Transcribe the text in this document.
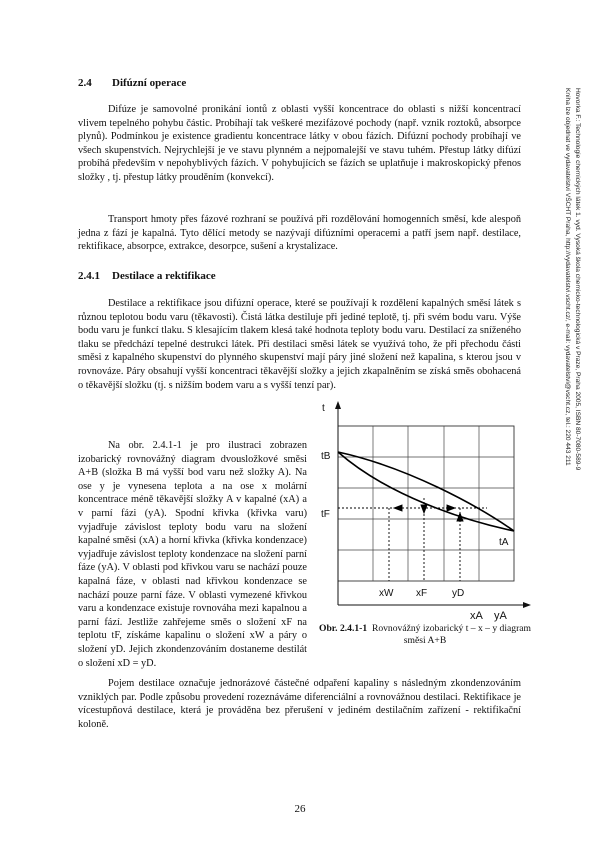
Hovorka F.: Technologie chemických látek 1. vyd. Vysoká škola chemicko-technologická v Praze, Praha 2005, ISBN 80-7080-589-9
Kniha lze objednat ve vydavatelství VŠCHT Praha, http://vydavatelstvi.vscht.cz/, e-mail: vydavatelstvi@vscht.cz, tel.: 220 443 211
2.4 Difúzní operace

Difúze je samovolné pronikání iontů z oblasti vyšší koncentrace do oblasti s nižší koncentrací vlivem tepelného pohybu částic. Probíhají tak veškeré mezifázové pochody (např. vznik roztoků, absorpce plynů). Podmínkou je existence gradientu koncentrace látky v obou fázích. Difúzní pochody probíhají ve všech skupenstvích. Nejrychlejší je ve stavu plynném a nejpomalejší ve stavu tuhém. Přestup látky difúzí probíhá především v nepohyblivých fázích. V pohybujících se fázích se uplatňuje i makroskopický přenos složky , tj. přestup látky prouděním (konvekcí).

Transport hmoty přes fázové rozhraní se používá při rozdělování homogenních směsí, kde alespoň jedna z fází je kapalná. Tyto dělící metody se nazývají difúzními operacemi a patří jsem např. destilace, rektifikace, absorpce, extrakce, desorpce, sušení a krystalizace.

2.4.1 Destilace a rektifikace

Destilace a rektifikace jsou difúzní operace, které se používají k rozdělení kapalných směsí látek s různou teplotou bodu varu (těkavosti). Čistá látka destiluje při jediné teplotě, tj. při svém bodu varu. Výše bodu varu je funkcí tlaku. S klesajícím tlakem klesá také hodnota teploty bodu varu. Destilací za sníženého tlaku se předchází tepelné destrukci látek. Při destilaci směsi látek se využívá toho, že při přechodu části směsi z kapalného skupenství do plynného skupenství mají páry jiné složení než kapalina, s kterou jsou v rovnováze. Páry obsahují vyšší koncentraci těkavější složky a jejich zkapalněním se získá směs obohacená o těkavější složku (tj. s nižším bodem varu a s vyšší tenzí par).

Na obr. 2.4.1-1 je pro ilustraci zobrazen izobarický rovnovážný diagram dvousložkové směsi A+B (složka B má vyšší bod varu než složky A). Na ose y je vynesena teplota a na ose x molární koncentrace méně těkavější složky A v kapalné (xA) a v parní fázi (yA). Spodní křivka (křivka varu) vyjadřuje závislost teploty bodu varu na složení kapalné směsi (xA) a horní křivka (křivka kondenzace) vyjadřuje závislost teploty kondenzace na složení parní fáze (yA). V oblasti pod křivkou varu se nachází pouze kapalná fáze, v oblasti nad křivkou kondenzace se nachází pouze parní fáze. V oblasti vymezené křivkou varu a kondenzace existuje rovnováha mezi kapalnou a parní fází. Jestliže zahřejeme směs o složení xF na teplotu tF, získáme kapalinu o složení xW a páry o složení yD. Jejich zkondenzováním dostaneme destilát o složení xD = yD.

Pojem destilace označuje jednorázové částečné odpaření kapaliny s následným zkondenzováním vzniklých par. Podle způsobu provedení rozeznáváme diferenciální a rovnovážnou destilaci. Rektifikace je vícestupňová destilace, která je prováděna bez přerušení v jediném destilačním zařízení - rektifikační koloně.

t
tB
tF
tA
xW xF yD
xA yA
Obr. 2.4.1-1 Rovnovážný izobarický t – x – y diagram směsi A+B
26
